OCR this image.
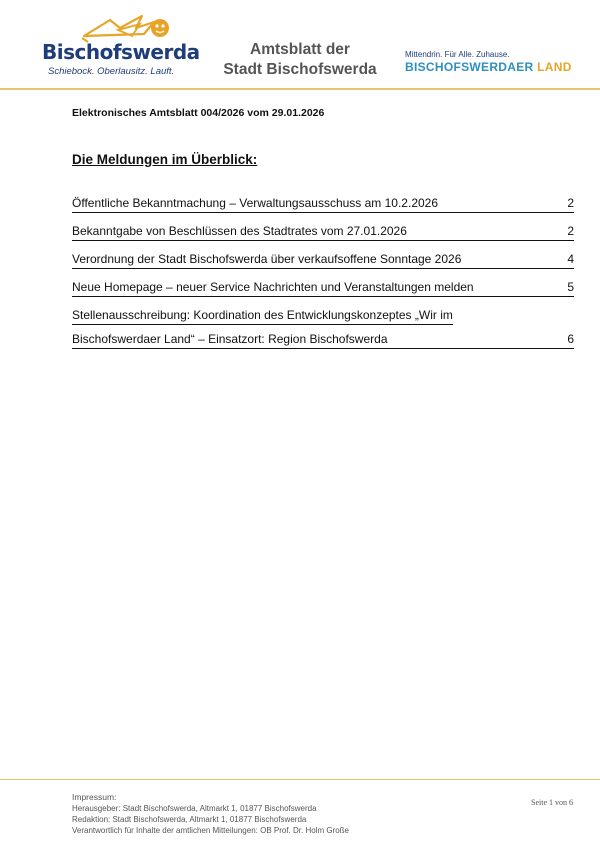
Bischofswerda
Schiebock. Oberlausitz. Lauft.
Amtsblatt der
Stadt Bischofswerda
Mittendrin. Für Alle. Zuhause.
BISCHOFSWERDAER LAND
Elektronisches Amtsblatt 004/2026 vom 29.01.2026
Die Meldungen im Überblick:
Öffentliche Bekanntmachung – Verwaltungsausschuss am 10.2.2026	2
Bekanntgabe von Beschlüssen des Stadtrates vom 27.01.2026	2
Verordnung der Stadt Bischofswerda über verkaufsoffene Sonntage 2026	4
Neue Homepage – neuer Service Nachrichten und Veranstaltungen melden	5
Stellenausschreibung: Koordination des Entwicklungskonzeptes „Wir im
Bischofswerdaer Land“ – Einsatzort: Region Bischofswerda	6
Impressum:
Herausgeber: Stadt Bischofswerda, Altmarkt 1, 01877 Bischofswerda
Redaktion: Stadt Bischofswerda, Altmarkt 1, 01877 Bischofswerda
Verantwortlich für Inhalte der amtlichen Mitteilungen: OB Prof. Dr. Holm Große
Seite 1 von 6
